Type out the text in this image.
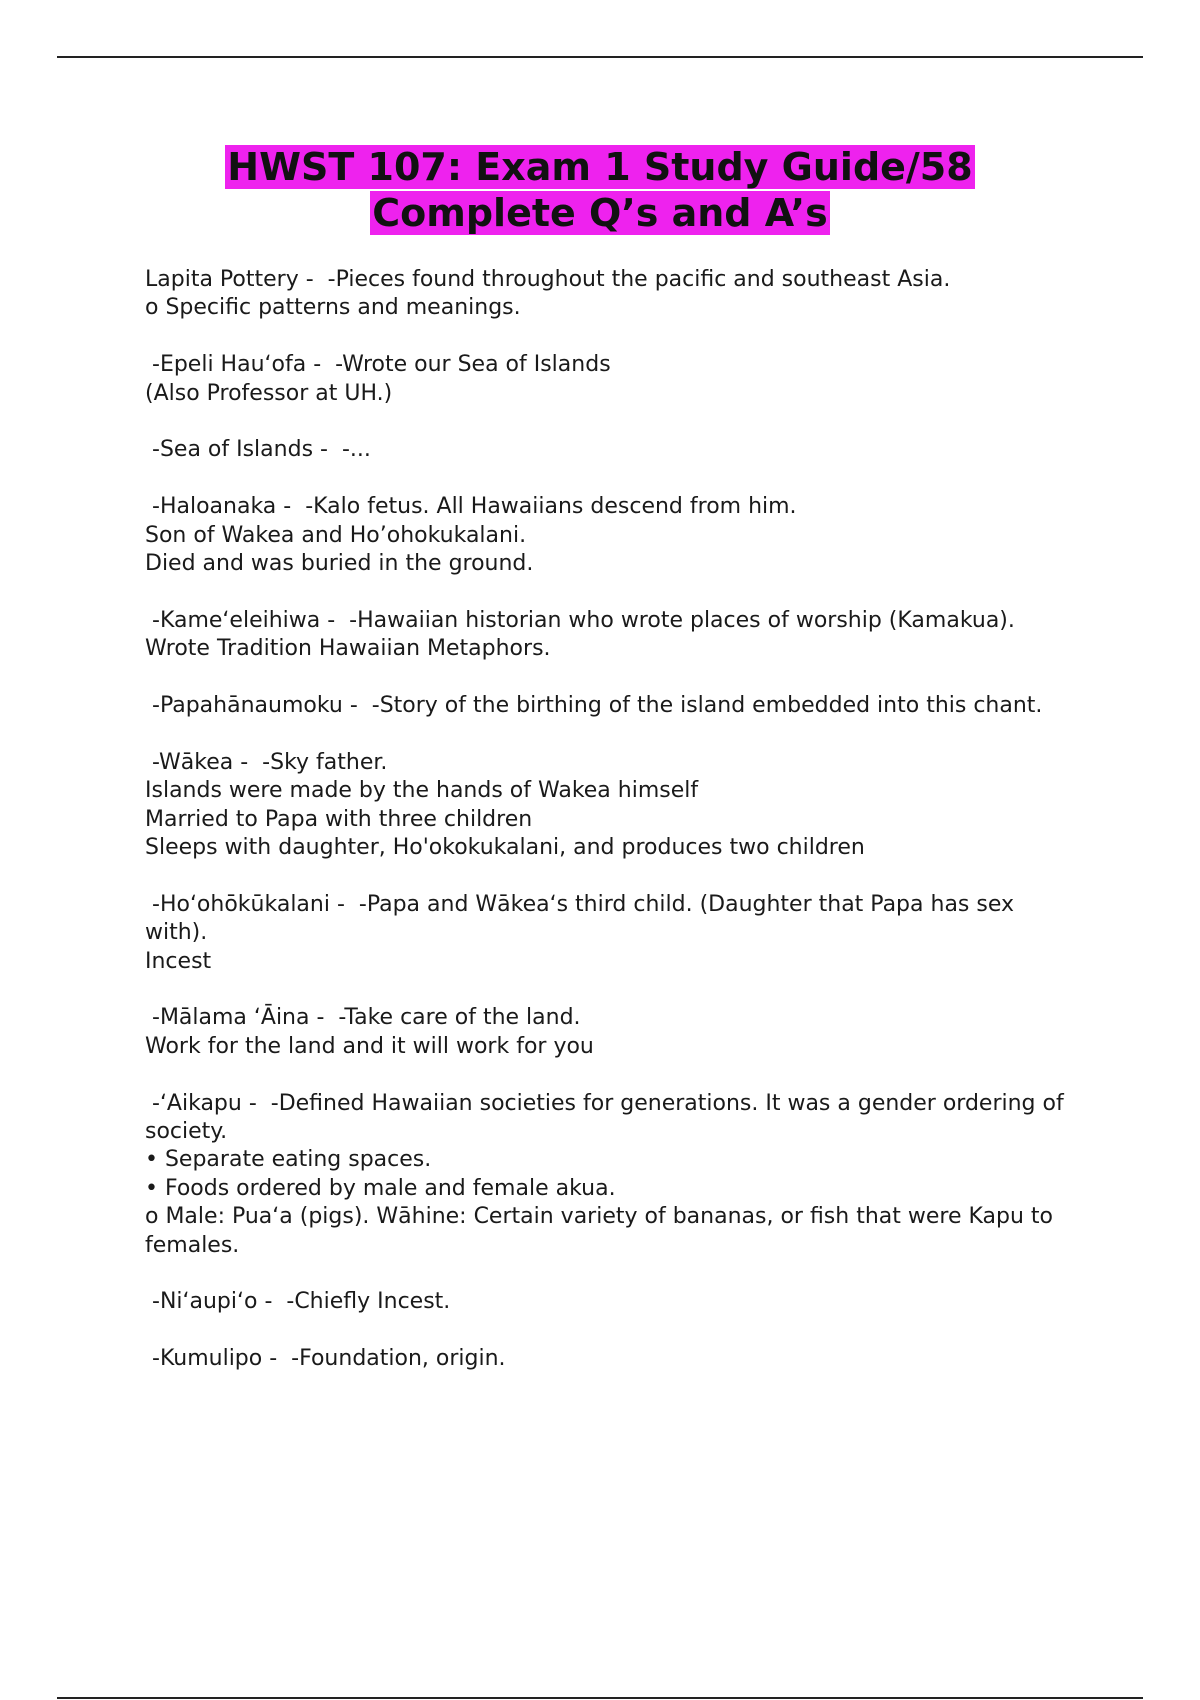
HWST 107: Exam 1 Study Guide/58
Complete Q’s and A’s

Lapita Pottery -  -Pieces found throughout the pacific and southeast Asia.
o Specific patterns and meanings.
-Epeli Hauʻofa -  -Wrote our Sea of Islands
(Also Professor at UH.)
-Sea of Islands -  -...
-Haloanaka -  -Kalo fetus. All Hawaiians descend from him.
Son of Wakea and Ho’ohokukalani.
Died and was buried in the ground.
-Kameʻeleihiwa -  -Hawaiian historian who wrote places of worship (Kamakua).
Wrote Tradition Hawaiian Metaphors.
-Papahānaumoku -  -Story of the birthing of the island embedded into this chant.
-Wākea -  -Sky father.
Islands were made by the hands of Wakea himself
Married to Papa with three children
Sleeps with daughter, Ho'okokukalani, and produces two children
-Hoʻohōkūkalani -  -Papa and Wākeaʻs third child. (Daughter that Papa has sex with).
Incest
-Mālama ʻĀina -  -Take care of the land.
Work for the land and it will work for you
-ʻAikapu -  -Defined Hawaiian societies for generations. It was a gender ordering of society.
• Separate eating spaces.
• Foods ordered by male and female akua.
o Male: Puaʻa (pigs). Wāhine: Certain variety of bananas, or fish that were Kapu to females.
-Niʻaupiʻo -  -Chiefly Incest.
-Kumulipo -  -Foundation, origin.
